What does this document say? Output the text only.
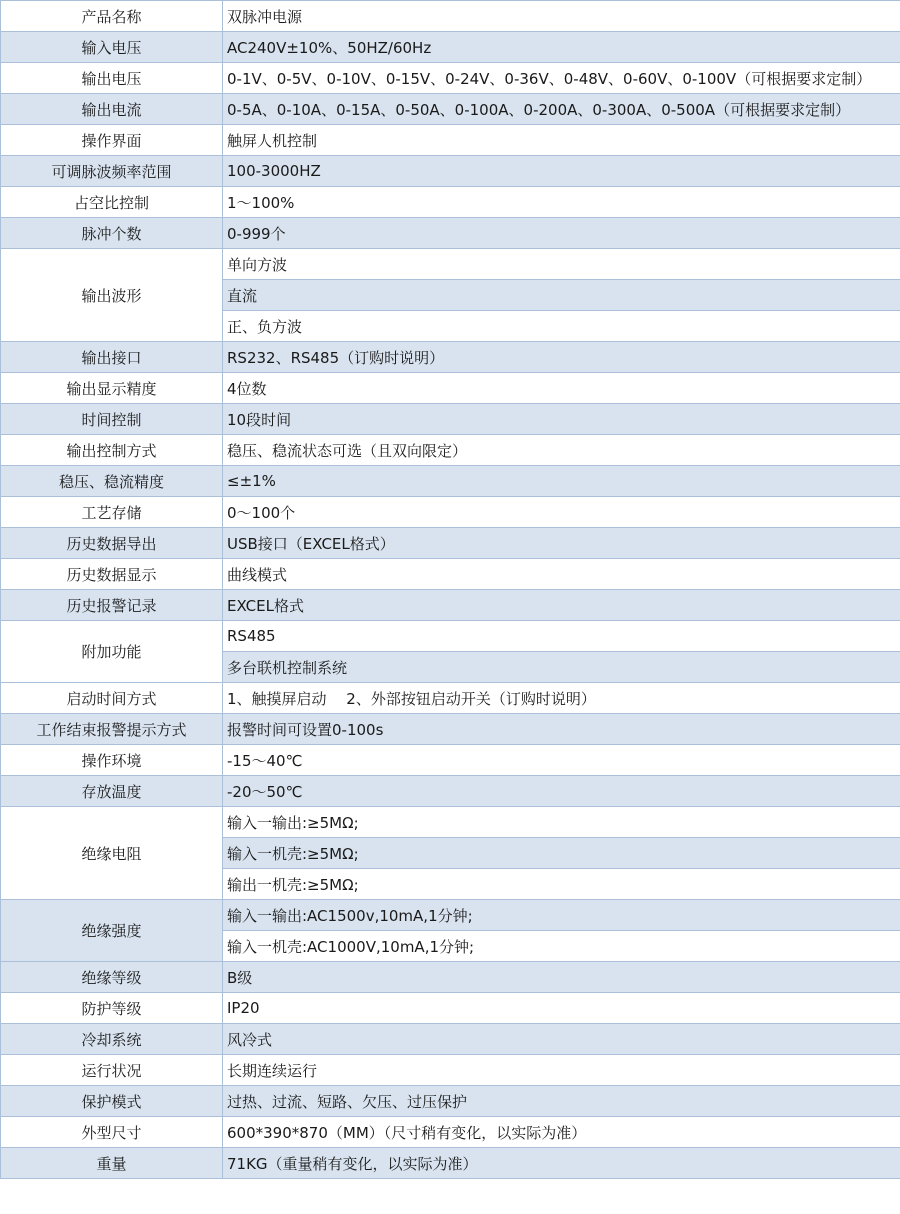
产品名称	双脉冲电源
输入电压	AC240V±10%、50HZ/60Hz
输出电压	0-1V、0-5V、0-10V、0-15V、0-24V、0-36V、0-48V、0-60V、0-100V（可根据要求定制）
输出电流	0-5A、0-10A、0-15A、0-50A、0-100A、0-200A、0-300A、0-500A（可根据要求定制）
操作界面	触屏人机控制
可调脉波频率范围	100-3000HZ
占空比控制	1～100%
脉冲个数	0-999个
输出波形	单向方波
	直流
	正、负方波
输出接口	RS232、RS485（订购时说明）
输出显示精度	4位数
时间控制	10段时间
输出控制方式	稳压、稳流状态可选（且双向限定）
稳压、稳流精度	≤±1%
工艺存储	0～100个
历史数据导出	USB接口（EXCEL格式）
历史数据显示	曲线模式
历史报警记录	EXCEL格式
附加功能	RS485
	多台联机控制系统
启动时间方式	1、触摸屏启动　 2、外部按钮启动开关（订购时说明）
工作结束报警提示方式	报警时间可设置0-100s
操作环境	-15～40℃
存放温度	-20～50℃
绝缘电阻	输入一输出:≥5MΩ;
	输入一机壳:≥5MΩ;
	输出一机壳:≥5MΩ;
绝缘强度	输入一输出:AC1500v,10mA,1分钟;
	输入一机壳:AC1000V,10mA,1分钟;
绝缘等级	B级
防护等级	IP20
冷却系统	风冷式
运行状况	长期连续运行
保护模式	过热、过流、短路、欠压、过压保护
外型尺寸	600*390*870（MM）（尺寸稍有变化，以实际为准）
重量	71KG（重量稍有变化，以实际为准）
